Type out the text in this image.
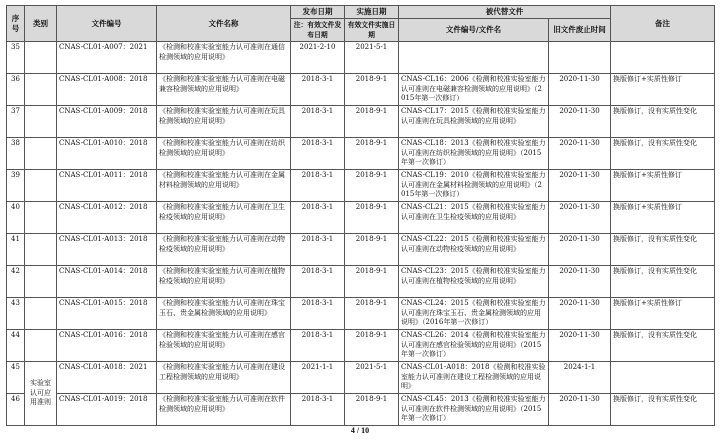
序号	类别	文件编号	文件名称	发布日期	实施日期	被代替文件		备注
				注：有效文件发布日期	有效文件实施日期	文件编号/文件名	旧文件废止时间	
35		CNAS-CL01-A007：2021	《检测和校准实验室能力认可准则在通信检测领域的应用说明》	2021-2-10	2021-5-1			
36		CNAS-CL01-A008：2018	《检测和校准实验室能力认可准则在电磁兼容检测领域的应用说明》	2018-3-1	2018-9-1	CNAS-CL16：2006《检测和校准实验室能力认可准则在电磁兼容检测领域的应用说明》（2015年第一次修订）	2020-11-30	换版修订+实质性修订
37		CNAS-CL01-A009：2018	《检测和校准实验室能力认可准则在玩具检测领域的应用说明》	2018-3-1	2018-9-1	CNAS-CL17：2015《检测和校准实验室能力认可准则在玩具检测领域的应用说明》	2020-11-30	换版修订，没有实质性变化
38		CNAS-CL01-A010：2018	《检测和校准实验室能力认可准则在纺织检测领域的应用说明》	2018-3-1	2018-9-1	CNAS-CL18：2013《检测和校准实验室能力认可准则在纺织检测领域的应用说明》（2015年第一次修订）	2020-11-30	换版修订，没有实质性变化
39		CNAS-CL01-A011：2018	《检测和校准实验室能力认可准则在金属材料检测领域的应用说明》	2018-3-1	2018-9-1	CNAS-CL19：2010《检测和校准实验室能力认可准则在金属材料检测领域的应用说明》（2015年第一次修订）	2020-11-30	换版修订+实质性修订
40		CNAS-CL01-A012：2018	《检测和校准实验室能力认可准则在卫生检疫领域的应用说明》	2018-3-1	2018-9-1	CNAS-CL21：2015《检测和校准实验室能力认可准则在卫生检疫领域的应用说明》	2020-11-30	换版修订+实质性修订
41		CNAS-CL01-A013：2018	《检测和校准实验室能力认可准则在动物检疫领域的应用说明》	2018-3-1	2018-9-1	CNAS-CL22：2015《检测和校准实验室能力认可准则在动物检疫领域的应用说明》	2020-11-30	换版修订，没有实质性变化
42		CNAS-CL01-A014：2018	《检测和校准实验室能力认可准则在植物检疫领域的应用说明》	2018-3-1	2018-9-1	CNAS-CL23：2015《检测和校准实验室能力认可准则在植物检疫领域的应用说明》	2020-11-30	换版修订，没有实质性变化
43		CNAS-CL01-A015：2018	《检测和校准实验室能力认可准则在珠宝玉石、贵金属检测领域的应用说明》	2018-3-1	2018-9-1	CNAS-CL24：2015《检测和校准实验室能力认可准则在珠宝玉石、贵金属检测领域的应用说明》（2016年第一次修订）	2020-11-30	换版修订+实质性修订
44		CNAS-CL01-A016：2018	《检测和校准实验室能力认可准则在感官检验领域的应用说明》	2018-3-1	2018-9-1	CNAS-CL26：2014《检测和校准实验室能力认可准则在感官检验领域的应用说明》（2015年第一次修订）	2020-11-30	换版修订，没有实质性变化
45	实验室认可应用准则	CNAS-CL01-A018：2021	《检测和校准实验室能力认可准则在建设工程检测领域的应用说明》	2021-1-1	2021-5-1	CNAS-CL01-A018：2018《检测和校准实验室能力认可准则在建设工程检测领域的应用说明》	2024-1-1	
46		CNAS-CL01-A019：2018	《检测和校准实验室能力认可准则在软件检测领域的应用说明》	2018-3-1	2018-9-1	CNAS-CL45：2013《检测和校准实验室能力认可准则在软件检测领域的应用说明》（2015年第一次修订）	2020-11-30	换版修订，没有实质性变化
4 / 10
